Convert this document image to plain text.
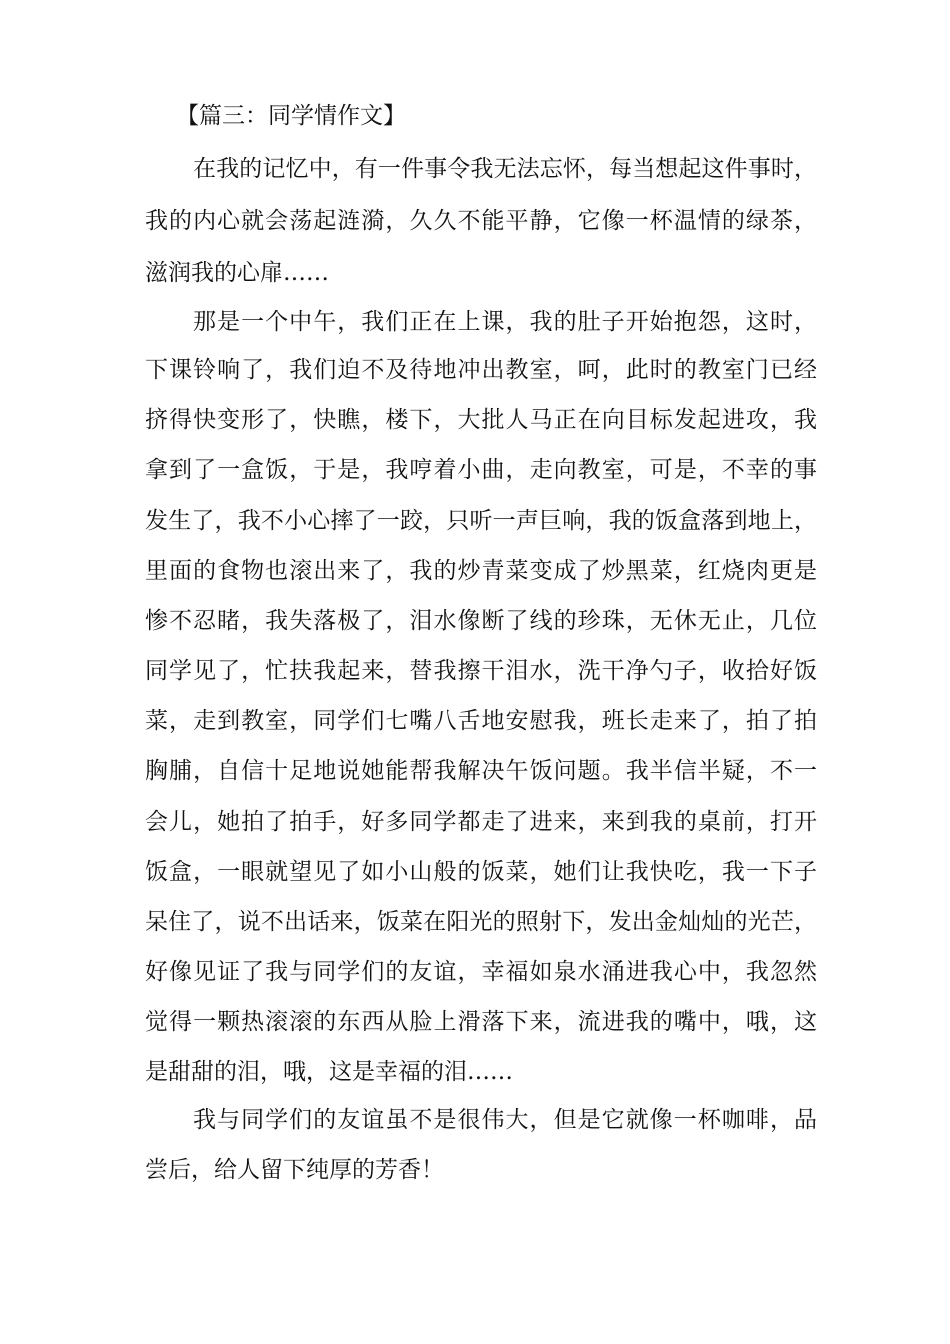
【篇三：同学情作文】
在我的记忆中，有一件事令我无法忘怀，每当想起这件事时，
我的内心就会荡起涟漪，久久不能平静，它像一杯温情的绿茶，
滋润我的心扉……
那是一个中午，我们正在上课，我的肚子开始抱怨，这时，
下课铃响了，我们迫不及待地冲出教室，呵，此时的教室门已经
挤得快变形了，快瞧，楼下，大批人马正在向目标发起进攻，我
拿到了一盒饭，于是，我哼着小曲，走向教室，可是，不幸的事
发生了，我不小心摔了一跤，只听一声巨响，我的饭盒落到地上，
里面的食物也滚出来了，我的炒青菜变成了炒黑菜，红烧肉更是
惨不忍睹，我失落极了，泪水像断了线的珍珠，无休无止，几位
同学见了，忙扶我起来，替我擦干泪水，洗干净勺子，收拾好饭
菜，走到教室，同学们七嘴八舌地安慰我，班长走来了，拍了拍
胸脯，自信十足地说她能帮我解决午饭问题。我半信半疑，不一
会儿，她拍了拍手，好多同学都走了进来，来到我的桌前，打开
饭盒，一眼就望见了如小山般的饭菜，她们让我快吃，我一下子
呆住了，说不出话来，饭菜在阳光的照射下，发出金灿灿的光芒，
好像见证了我与同学们的友谊，幸福如泉水涌进我心中，我忽然
觉得一颗热滚滚的东西从脸上滑落下来，流进我的嘴中，哦，这
是甜甜的泪，哦，这是幸福的泪……
我与同学们的友谊虽不是很伟大，但是它就像一杯咖啡，品
尝后，给人留下纯厚的芳香！
